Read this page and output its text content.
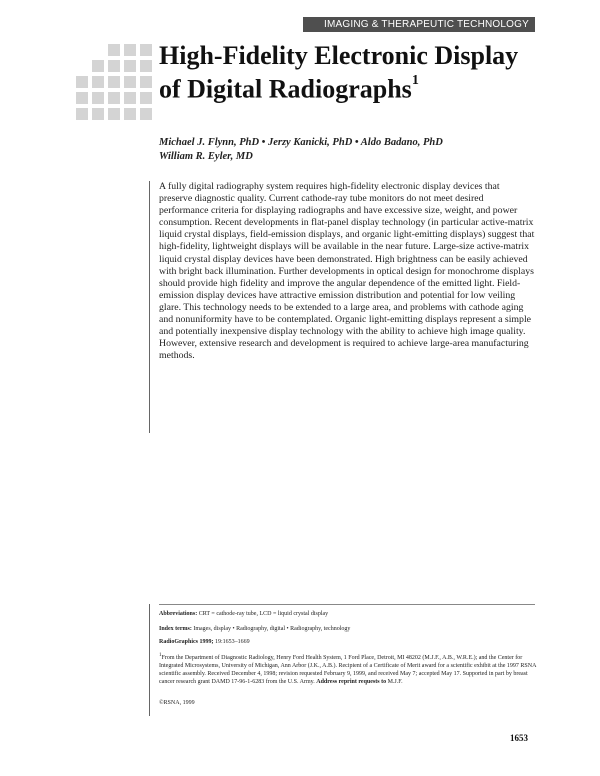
IMAGING & THERAPEUTIC TECHNOLOGY
High-Fidelity Electronic Display of Digital Radiographs$^1$

Michael J. Flynn, PhD • Jerzy Kanicki, PhD • Aldo Badano, PhD
William R. Eyler, MD

A fully digital radiography system requires high-fidelity electronic display devices that preserve diagnostic quality. Current cathode-ray tube monitors do not meet desired performance criteria for displaying radiographs and have excessive size, weight, and power consumption. Recent developments in flat-panel display technology (in particular active-matrix liquid crystal displays, field-emission displays, and organic light-emitting displays) suggest that high-fidelity, lightweight displays will be available in the near future. Large-size active-matrix liquid crystal display devices have been demonstrated. High brightness can be easily achieved with bright back illumination. Further developments in optical design for monochrome displays should provide high fidelity and improve the angular dependence of the emitted light. Field-emission display devices have attractive emission distribution and potential for low veiling glare. This technology needs to be extended to a large area, and problems with cathode aging and nonuniformity have to be contemplated. Organic light-emitting displays represent a simple and potentially inexpensive display technology with the ability to achieve high image quality. However, extensive research and development is required to achieve large-area manufacturing methods.

Abbreviations: CRT = cathode-ray tube, LCD = liquid crystal display

Index terms: Images, display • Radiography, digital • Radiography, technology

RadioGraphics 1999; 19:1653–1669

$^1$From the Department of Diagnostic Radiology, Henry Ford Health System, 1 Ford Place, Detroit, MI 48202 (M.J.F., A.B., W.R.E.); and the Center for Integrated Microsystems, University of Michigan, Ann Arbor (J.K., A.B.). Recipient of a Certificate of Merit award for a scientific exhibit at the 1997 RSNA scientific assembly. Received December 4, 1998; revision requested February 9, 1999, and received May 7; accepted May 17. Supported in part by breast cancer research grant DAMD 17-96-1-6283 from the U.S. Army. Address reprint requests to M.J.F.

©RSNA, 1999

1653
